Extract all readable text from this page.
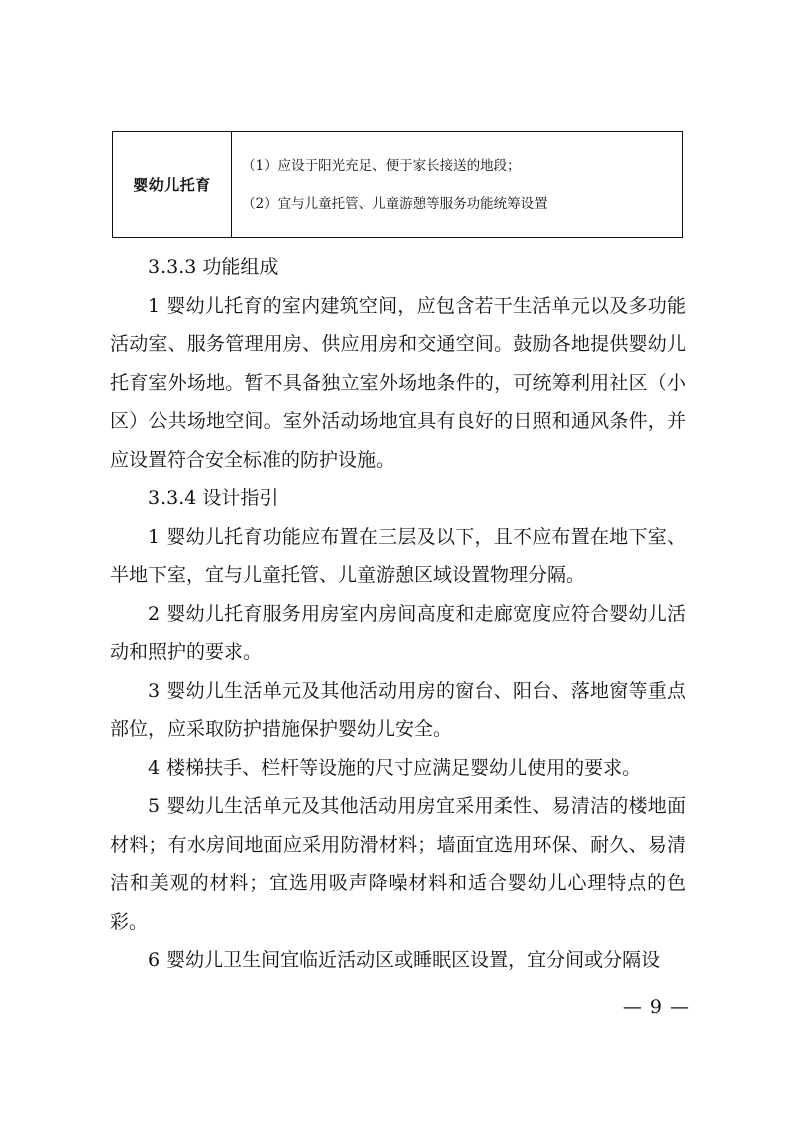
婴幼儿托育	
（1）应设于阳光充足、便于家长接送的地段；
（2）宜与儿童托管、儿童游憩等服务功能统筹设置

3.3.3 功能组成

1 婴幼儿托育的室内建筑空间，应包含若干生活单元以及多功能活动室、服务管理用房、供应用房和交通空间。鼓励各地提供婴幼儿托育室外场地。暂不具备独立室外场地条件的，可统筹利用社区（小区）公共场地空间。室外活动场地宜具有良好的日照和通风条件，并应设置符合安全标准的防护设施。

3.3.4 设计指引

1 婴幼儿托育功能应布置在三层及以下，且不应布置在地下室、半地下室，宜与儿童托管、儿童游憩区域设置物理分隔。

2 婴幼儿托育服务用房室内房间高度和走廊宽度应符合婴幼儿活动和照护的要求。

3 婴幼儿生活单元及其他活动用房的窗台、阳台、落地窗等重点部位，应采取防护措施保护婴幼儿安全。

4 楼梯扶手、栏杆等设施的尺寸应满足婴幼儿使用的要求。

5 婴幼儿生活单元及其他活动用房宜采用柔性、易清洁的楼地面材料；有水房间地面应采用防滑材料；墙面宜选用环保、耐久、易清洁和美观的材料；宜选用吸声降噪材料和适合婴幼儿心理特点的色彩。

6 婴幼儿卫生间宜临近活动区或睡眠区设置，宜分间或分隔设

— 9 —
